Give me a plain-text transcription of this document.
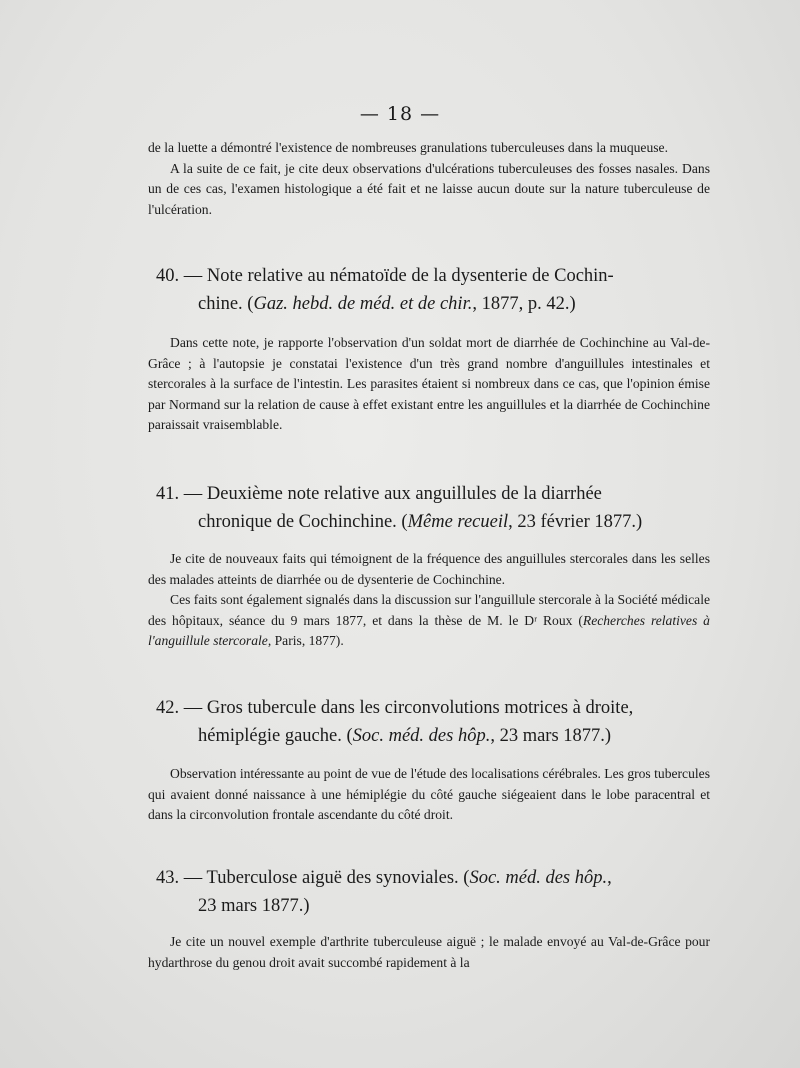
— 18 —

de la luette a démontré l'existence de nombreuses granulations tuberculeuses dans la muqueuse.

A la suite de ce fait, je cite deux observations d'ulcérations tuberculeuses des fosses nasales. Dans un de ces cas, l'examen histologique a été fait et ne laisse aucun doute sur la nature tuberculeuse de l'ulcération.

40. — Note relative au nématoïde de la dysenterie de Cochin-
chine. (Gaz. hebd. de méd. et de chir., 1877, p. 42.)

Dans cette note, je rapporte l'observation d'un soldat mort de diarrhée de Cochinchine au Val-de-Grâce ; à l'autopsie je constatai l'existence d'un très grand nombre d'anguillules intestinales et stercorales à la surface de l'intestin. Les parasites étaient si nombreux dans ce cas, que l'opinion émise par Normand sur la relation de cause à effet existant entre les anguillules et la diarrhée de Cochinchine paraissait vraisemblable.

41. — Deuxième note relative aux anguillules de la diarrhée
chronique de Cochinchine. (Même recueil, 23 février 1877.)

Je cite de nouveaux faits qui témoignent de la fréquence des anguillules stercorales dans les selles des malades atteints de diarrhée ou de dysenterie de Cochinchine.

Ces faits sont également signalés dans la discussion sur l'anguillule stercorale à la Société médicale des hôpitaux, séance du 9 mars 1877, et dans la thèse de M. le Dʳ Roux (Recherches relatives à l'anguillule stercorale, Paris, 1877).

42. — Gros tubercule dans les circonvolutions motrices à droite,
hémiplégie gauche. (Soc. méd. des hôp., 23 mars 1877.)

Observation intéressante au point de vue de l'étude des localisations cérébrales. Les gros tubercules qui avaient donné naissance à une hémiplégie du côté gauche siégeaient dans le lobe paracentral et dans la circonvolution frontale ascendante du côté droit.

43. — Tuberculose aiguë des synoviales. (Soc. méd. des hôp.,
23 mars 1877.)

Je cite un nouvel exemple d'arthrite tuberculeuse aiguë ; le malade envoyé au Val-de-Grâce pour hydarthrose du genou droit avait succombé rapidement à la
